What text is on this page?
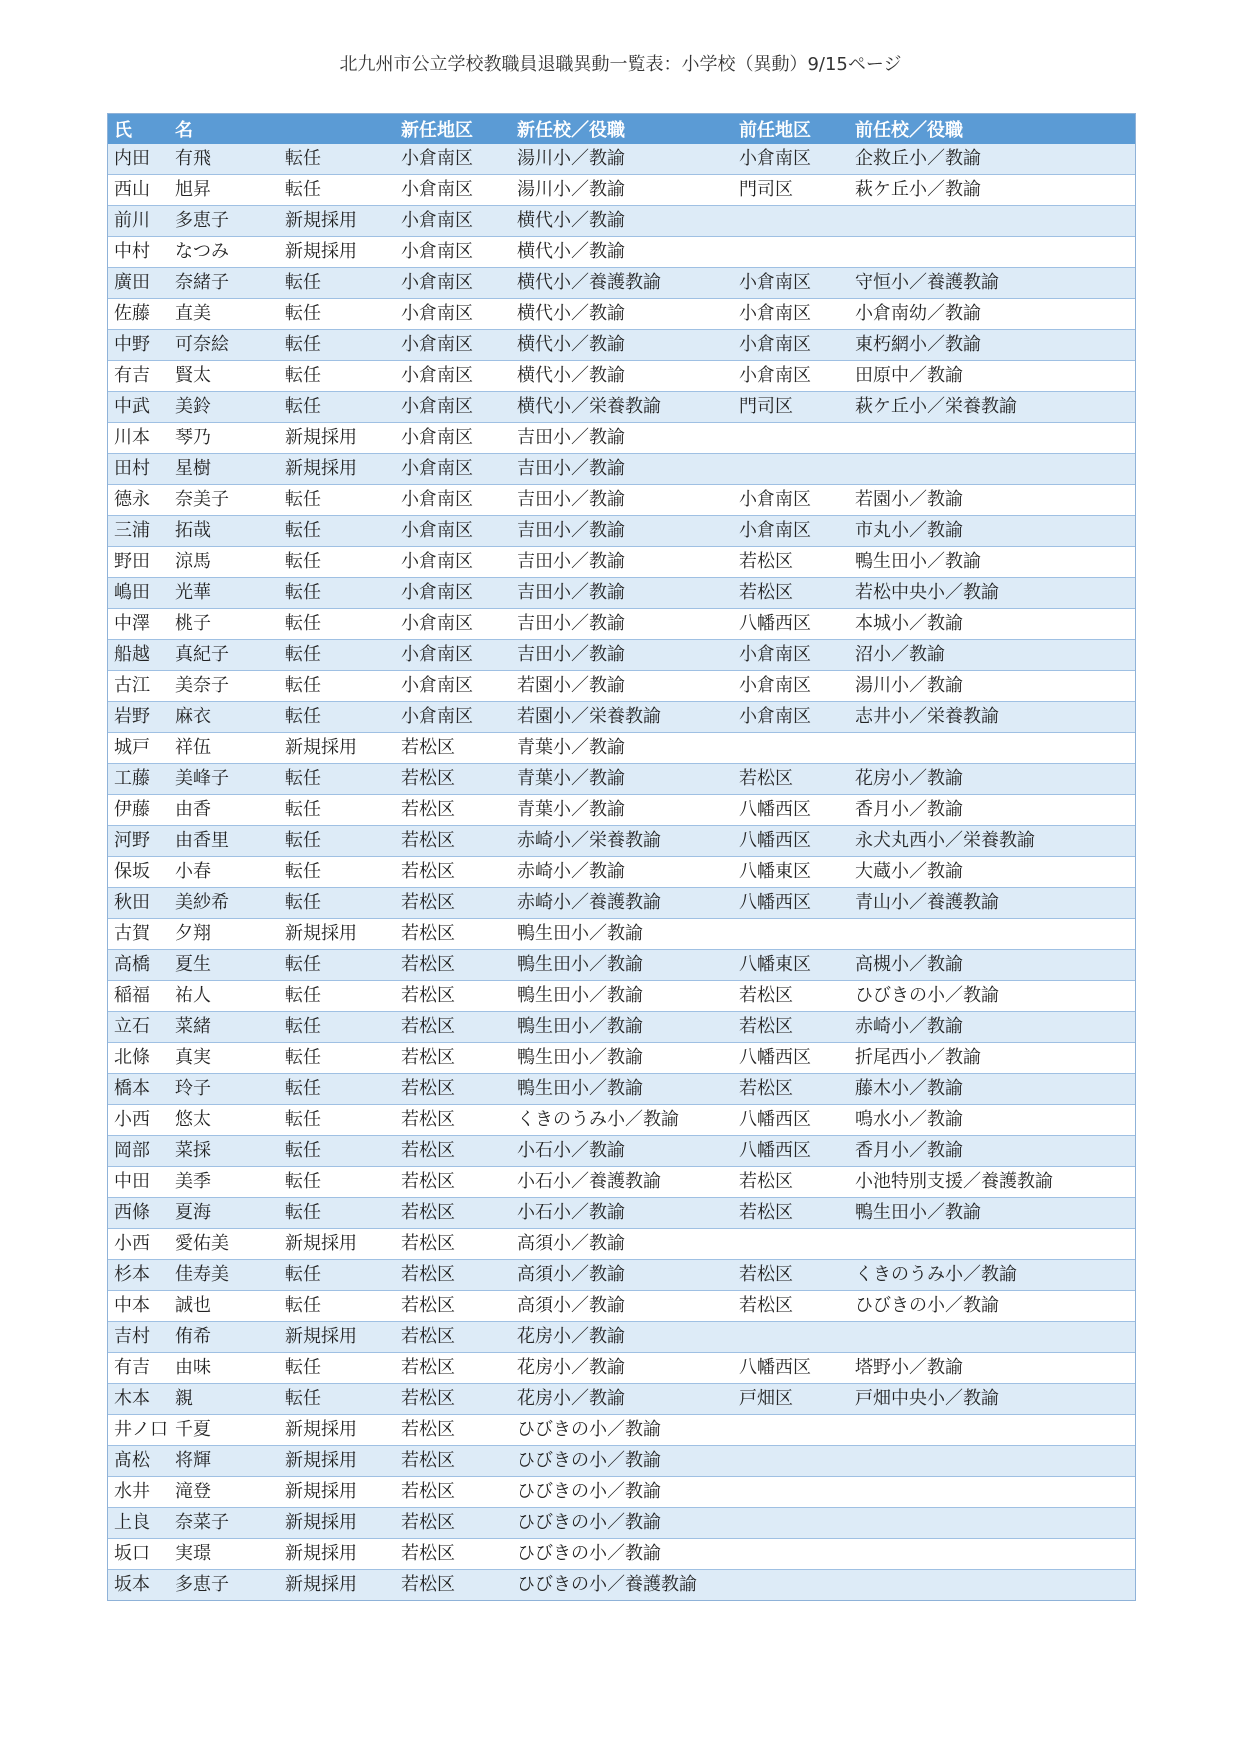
北九州市公立学校教職員退職異動一覧表：小学校（異動）9/15ページ
氏	名		新任地区	新任校／役職	前任地区	前任校／役職
内田	有飛	転任	小倉南区	湯川小／教諭	小倉南区	企救丘小／教諭
西山	旭昇	転任	小倉南区	湯川小／教諭	門司区	萩ケ丘小／教諭
前川	多恵子	新規採用	小倉南区	横代小／教諭		
中村	なつみ	新規採用	小倉南区	横代小／教諭		
廣田	奈緒子	転任	小倉南区	横代小／養護教諭	小倉南区	守恒小／養護教諭
佐藤	直美	転任	小倉南区	横代小／教諭	小倉南区	小倉南幼／教諭
中野	可奈絵	転任	小倉南区	横代小／教諭	小倉南区	東朽網小／教諭
有吉	賢太	転任	小倉南区	横代小／教諭	小倉南区	田原中／教諭
中武	美鈴	転任	小倉南区	横代小／栄養教諭	門司区	萩ケ丘小／栄養教諭
川本	琴乃	新規採用	小倉南区	吉田小／教諭		
田村	星樹	新規採用	小倉南区	吉田小／教諭		
德永	奈美子	転任	小倉南区	吉田小／教諭	小倉南区	若園小／教諭
三浦	拓哉	転任	小倉南区	吉田小／教諭	小倉南区	市丸小／教諭
野田	涼馬	転任	小倉南区	吉田小／教諭	若松区	鴨生田小／教諭
嶋田	光華	転任	小倉南区	吉田小／教諭	若松区	若松中央小／教諭
中澤	桃子	転任	小倉南区	吉田小／教諭	八幡西区	本城小／教諭
船越	真紀子	転任	小倉南区	吉田小／教諭	小倉南区	沼小／教諭
古江	美奈子	転任	小倉南区	若園小／教諭	小倉南区	湯川小／教諭
岩野	麻衣	転任	小倉南区	若園小／栄養教諭	小倉南区	志井小／栄養教諭
城戸	祥伍	新規採用	若松区	青葉小／教諭		
工藤	美峰子	転任	若松区	青葉小／教諭	若松区	花房小／教諭
伊藤	由香	転任	若松区	青葉小／教諭	八幡西区	香月小／教諭
河野	由香里	転任	若松区	赤崎小／栄養教諭	八幡西区	永犬丸西小／栄養教諭
保坂	小春	転任	若松区	赤崎小／教諭	八幡東区	大蔵小／教諭
秋田	美紗希	転任	若松区	赤崎小／養護教諭	八幡西区	青山小／養護教諭
古賀	夕翔	新規採用	若松区	鴨生田小／教諭		
高橋	夏生	転任	若松区	鴨生田小／教諭	八幡東区	高槻小／教諭
稲福	祐人	転任	若松区	鴨生田小／教諭	若松区	ひびきの小／教諭
立石	菜緒	転任	若松区	鴨生田小／教諭	若松区	赤崎小／教諭
北條	真実	転任	若松区	鴨生田小／教諭	八幡西区	折尾西小／教諭
橋本	玲子	転任	若松区	鴨生田小／教諭	若松区	藤木小／教諭
小西	悠太	転任	若松区	くきのうみ小／教諭	八幡西区	鳴水小／教諭
岡部	菜採	転任	若松区	小石小／教諭	八幡西区	香月小／教諭
中田	美季	転任	若松区	小石小／養護教諭	若松区	小池特別支援／養護教諭
西條	夏海	転任	若松区	小石小／教諭	若松区	鴨生田小／教諭
小西	愛佑美	新規採用	若松区	高須小／教諭		
杉本	佳寿美	転任	若松区	高須小／教諭	若松区	くきのうみ小／教諭
中本	誠也	転任	若松区	高須小／教諭	若松区	ひびきの小／教諭
吉村	侑希	新規採用	若松区	花房小／教諭		
有吉	由味	転任	若松区	花房小／教諭	八幡西区	塔野小／教諭
木本	親	転任	若松区	花房小／教諭	戸畑区	戸畑中央小／教諭
井ノ口	千夏	新規採用	若松区	ひびきの小／教諭		
髙松	将輝	新規採用	若松区	ひびきの小／教諭		
水井	滝登	新規採用	若松区	ひびきの小／教諭		
上良	奈菜子	新規採用	若松区	ひびきの小／教諭		
坂口	実璟	新規採用	若松区	ひびきの小／教諭		
坂本	多恵子	新規採用	若松区	ひびきの小／養護教諭		
